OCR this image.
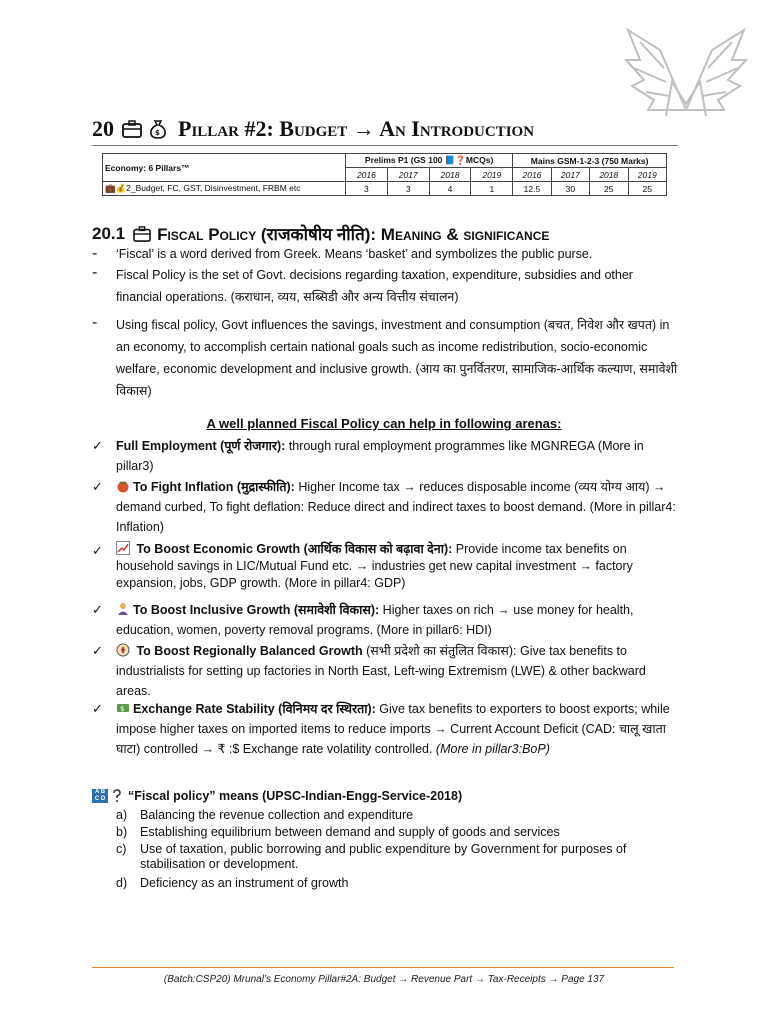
20	$ Pillar #2: Budget → An Introduction
Economy: 6 Pillars™	Prelims P1 (GS 100 📘❓MCQs)				Mains GSM-1-2-3 (750 Marks)			
	2016	2017	2018	2019	2016	2017	2018	2019
💼💰2_Budget, FC, GST, Disinvestment, FRBM etc	3	3	4	1	12.5	30	25	25
20.1 Fiscal Policy (राजकोषीय नीति): Meaning & significance
- ‘Fiscal’ is a word derived from Greek. Means ‘basket’ and symbolizes the public purse.
- Fiscal Policy is the set of Govt. decisions regarding taxation, expenditure, subsidies and other financial operations. (कराधान, व्यय, सब्सिडी और अन्य वित्तीय संचालन)
- Using fiscal policy, Govt influences the savings, investment and consumption (बचत, निवेश और खपत) in an economy, to accomplish certain national goals such as income redistribution, socio-economic welfare, economic development and inclusive growth. (आय का पुनर्वितरण, सामाजिक-आर्थिक कल्याण, समावेशी विकास)
A well planned Fiscal Policy can help in following arenas:
✓ Full Employment (पूर्ण रोजगार): through rural employment programmes like MGNREGA (More in pillar3)
✓	To Fight Inflation (मुद्रास्फीति): Higher Income tax → reduces disposable income (व्यय योग्य आय) → demand curbed, To fight deflation: Reduce direct and indirect taxes to boost demand. (More in pillar4: Inflation)
✓	To Boost Economic Growth (आर्थिक विकास को बढ़ावा देना): Provide income tax benefits on household savings in LIC/Mutual Fund etc. → industries get new capital investment → factory expansion, jobs, GDP growth. (More in pillar4: GDP)
✓	To Boost Inclusive Growth (समावेशी विकास): Higher taxes on rich → use money for health, education, women, poverty removal programs. (More in pillar6: HDI)
✓	To Boost Regionally Balanced Growth (सभी प्रदेशो का संतुलित विकास): Give tax benefits to industrialists for setting up factories in North East, Left-wing Extremism (LWE) & other backward areas.
✓ $ Exchange Rate Stability (विनिमय दर स्थिरता): Give tax benefits to exporters to boost exports; while impose higher taxes on imported items to reduce imports → Current Account Deficit (CAD: चालू खाता घाटा) controlled → ₹ :$ Exchange rate volatility controlled. (More in pillar3:BoP)
A B
C D “Fiscal policy” means (UPSC-Indian-Engg-Service-2018)
a) Balancing the revenue collection and expenditure
b) Establishing equilibrium between demand and supply of goods and services
c) Use of taxation, public borrowing and public expenditure by Government for purposes of stabilisation or development.
d) Deficiency as an instrument of growth
(Batch:CSP20) Mrunal’s Economy Pillar#2A: Budget → Revenue Part → Tax-Receipts → Page 137
